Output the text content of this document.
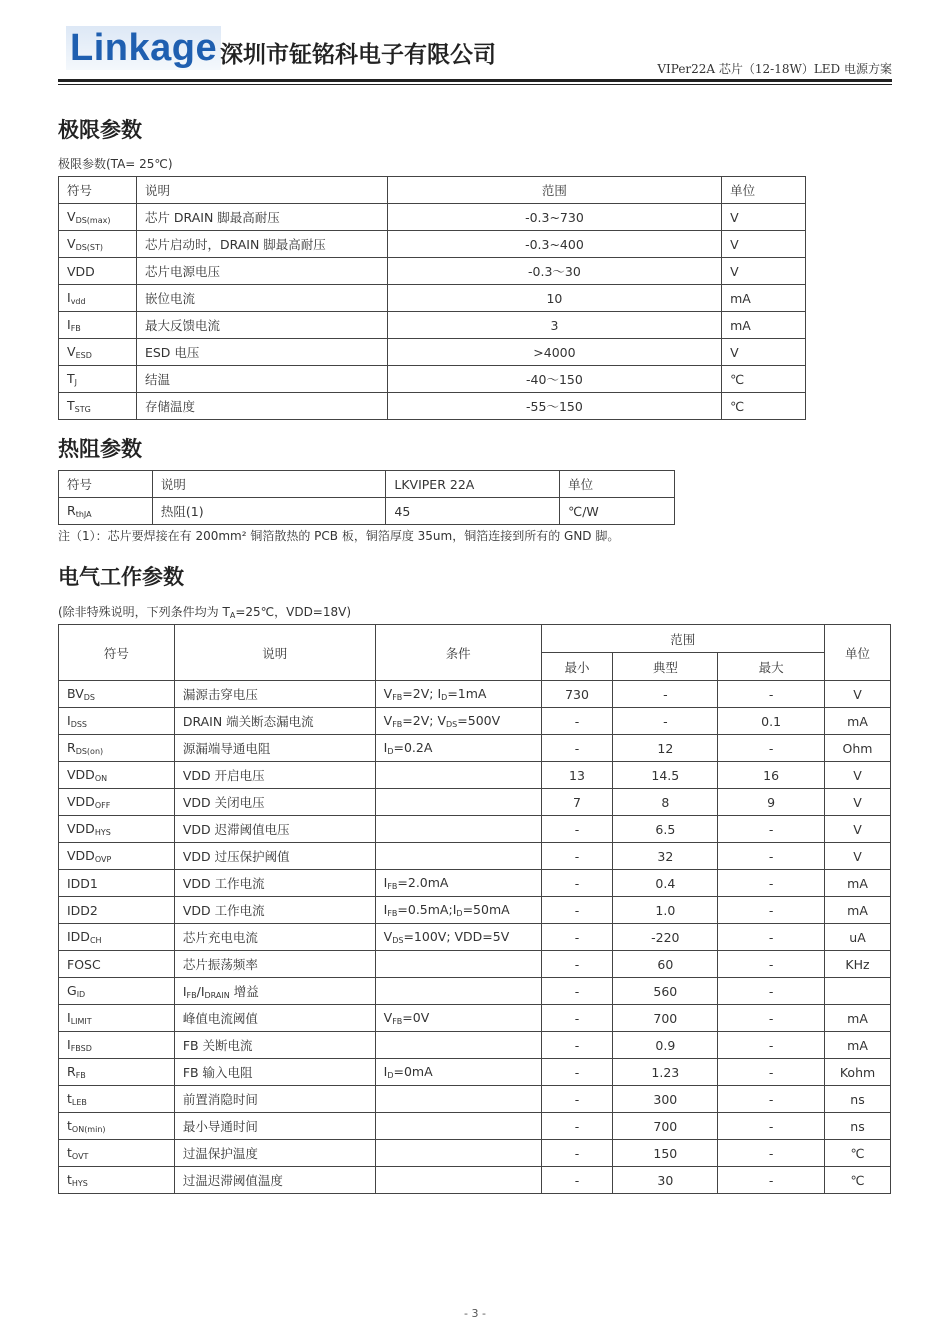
Linkage 深圳市钲铭科电子有限公司
VIPer22A 芯片（12-18W）LED 电源方案
极限参数
极限参数(TA= 25℃)
符号	说明	范围	单位
$V_{DS(max)}$	芯片 DRAIN 脚最高耐压	-0.3~730	V
$V_{DS(ST)}$	芯片启动时，DRAIN 脚最高耐压	-0.3~400	V
VDD	芯片电源电压	-0.3～30	V
$I_{vdd}$	嵌位电流	10	mA
$I_{FB}$	最大反馈电流	3	mA
$V_{ESD}$	ESD 电压	>4000	V
$T_J$	结温	-40～150	℃
$T_{STG}$	存储温度	-55～150	℃
热阻参数
符号	说明	LKVIPER 22A	单位
$R_{thJA}$	热阻(1)	45	℃/W
注（1）：芯片要焊接在有 200mm² 铜箔散热的 PCB 板，铜箔厚度 35um，铜箔连接到所有的 GND 脚。
电气工作参数
(除非特殊说明，下列条件均为 $T_A=25℃$，VDD=18V)
符号	说明	条件	范围			单位
			最小	典型	最大	
$BV_{DS}$	漏源击穿电压	$V_{FB}=2V$; $I_D=1mA$	730	-	-	V
$I_{DSS}$	DRAIN 端关断态漏电流	$V_{FB}=2V$; $V_{DS}=500V$	-	-	0.1	mA
$R_{DS(on)}$	源漏端导通电阻	$I_D=0.2A$	-	12	-	Ohm
$VDD_{ON}$	VDD 开启电压		13	14.5	16	V
$VDD_{OFF}$	VDD 关闭电压		7	8	9	V
$VDD_{HYS}$	VDD 迟滞阈值电压		-	6.5	-	V
$VDD_{OVP}$	VDD 过压保护阈值		-	32	-	V
IDD1	VDD 工作电流	$I_{FB}=2.0mA$	-	0.4	-	mA
IDD2	VDD 工作电流	$I_{FB}=0.5mA;I_D=50mA$	-	1.0	-	mA
$IDD_{CH}$	芯片充电电流	$V_{DS}=100V$; VDD=5V	-	-220	-	uA
FOSC	芯片振荡频率		-	60	-	KHz
$G_{ID}$	$I_{FB}/I_{DRAIN}$ 增益		-	560	-	
$I_{LIMIT}$	峰值电流阈值	$V_{FB}=0V$	-	700	-	mA
$I_{FBSD}$	FB 关断电流		-	0.9	-	mA
$R_{FB}$	FB 输入电阻	$I_D=0mA$	-	1.23	-	Kohm
$t_{LEB}$	前置消隐时间		-	300	-	ns
$t_{ON(min)}$	最小导通时间		-	700	-	ns
$t_{OVT}$	过温保护温度		-	150	-	℃
$t_{HYS}$	过温迟滞阈值温度		-	30	-	℃
- 3 -
